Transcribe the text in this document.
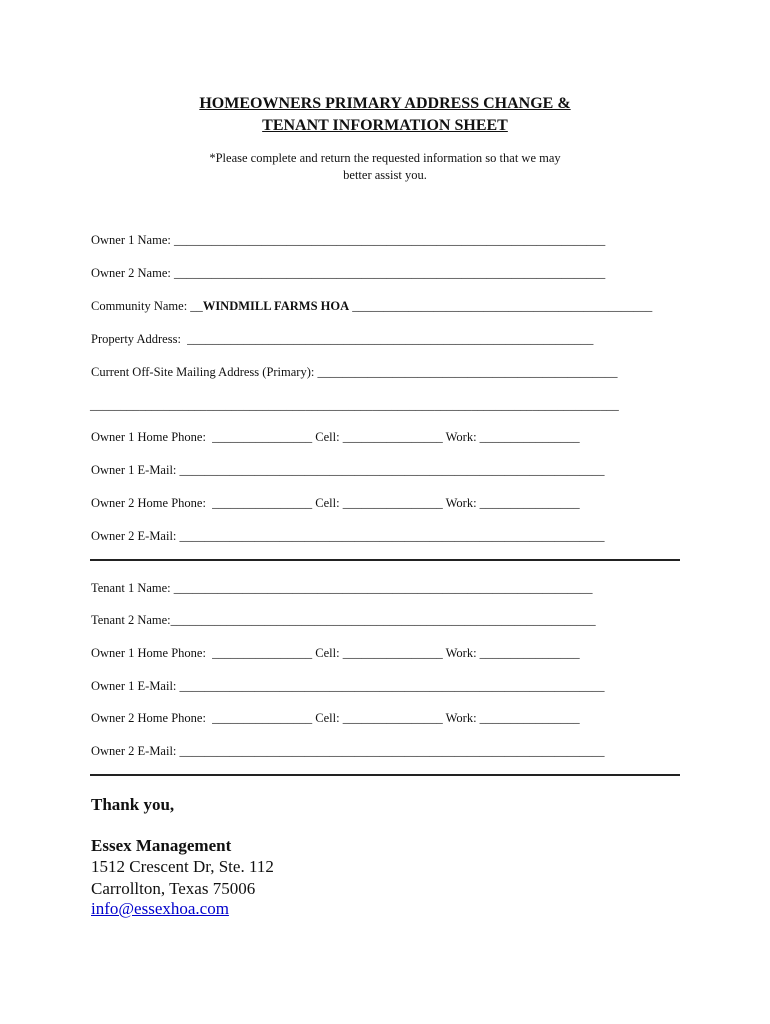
HOMEOWNERS PRIMARY ADDRESS CHANGE &
TENANT INFORMATION SHEET
*Please complete and return the requested information so that we may
better assist you.
Owner 1 Name: _____________________________________________________________________
Owner 2 Name: _____________________________________________________________________
Community Name: __WINDMILL FARMS HOA ________________________________________________
Property Address:  _________________________________________________________________
Current Off-Site Mailing Address (Primary): ________________________________________________
______________________________________________________________________________________
Owner 1 Home Phone:  ________________ Cell: ________________ Work: ________________
Owner 1 E-Mail: ____________________________________________________________________
Owner 2 Home Phone:  ________________ Cell: ________________ Work: ________________
Owner 2 E-Mail: ____________________________________________________________________
Tenant 1 Name: ___________________________________________________________________
Tenant 2 Name:____________________________________________________________________
Owner 1 Home Phone:  ________________ Cell: ________________ Work: ________________
Owner 1 E-Mail: ____________________________________________________________________
Owner 2 Home Phone:  ________________ Cell: ________________ Work: ________________
Owner 2 E-Mail: ____________________________________________________________________
Thank you,
Essex Management
1512 Crescent Dr, Ste. 112
Carrollton, Texas 75006
info@essexhoa.com
